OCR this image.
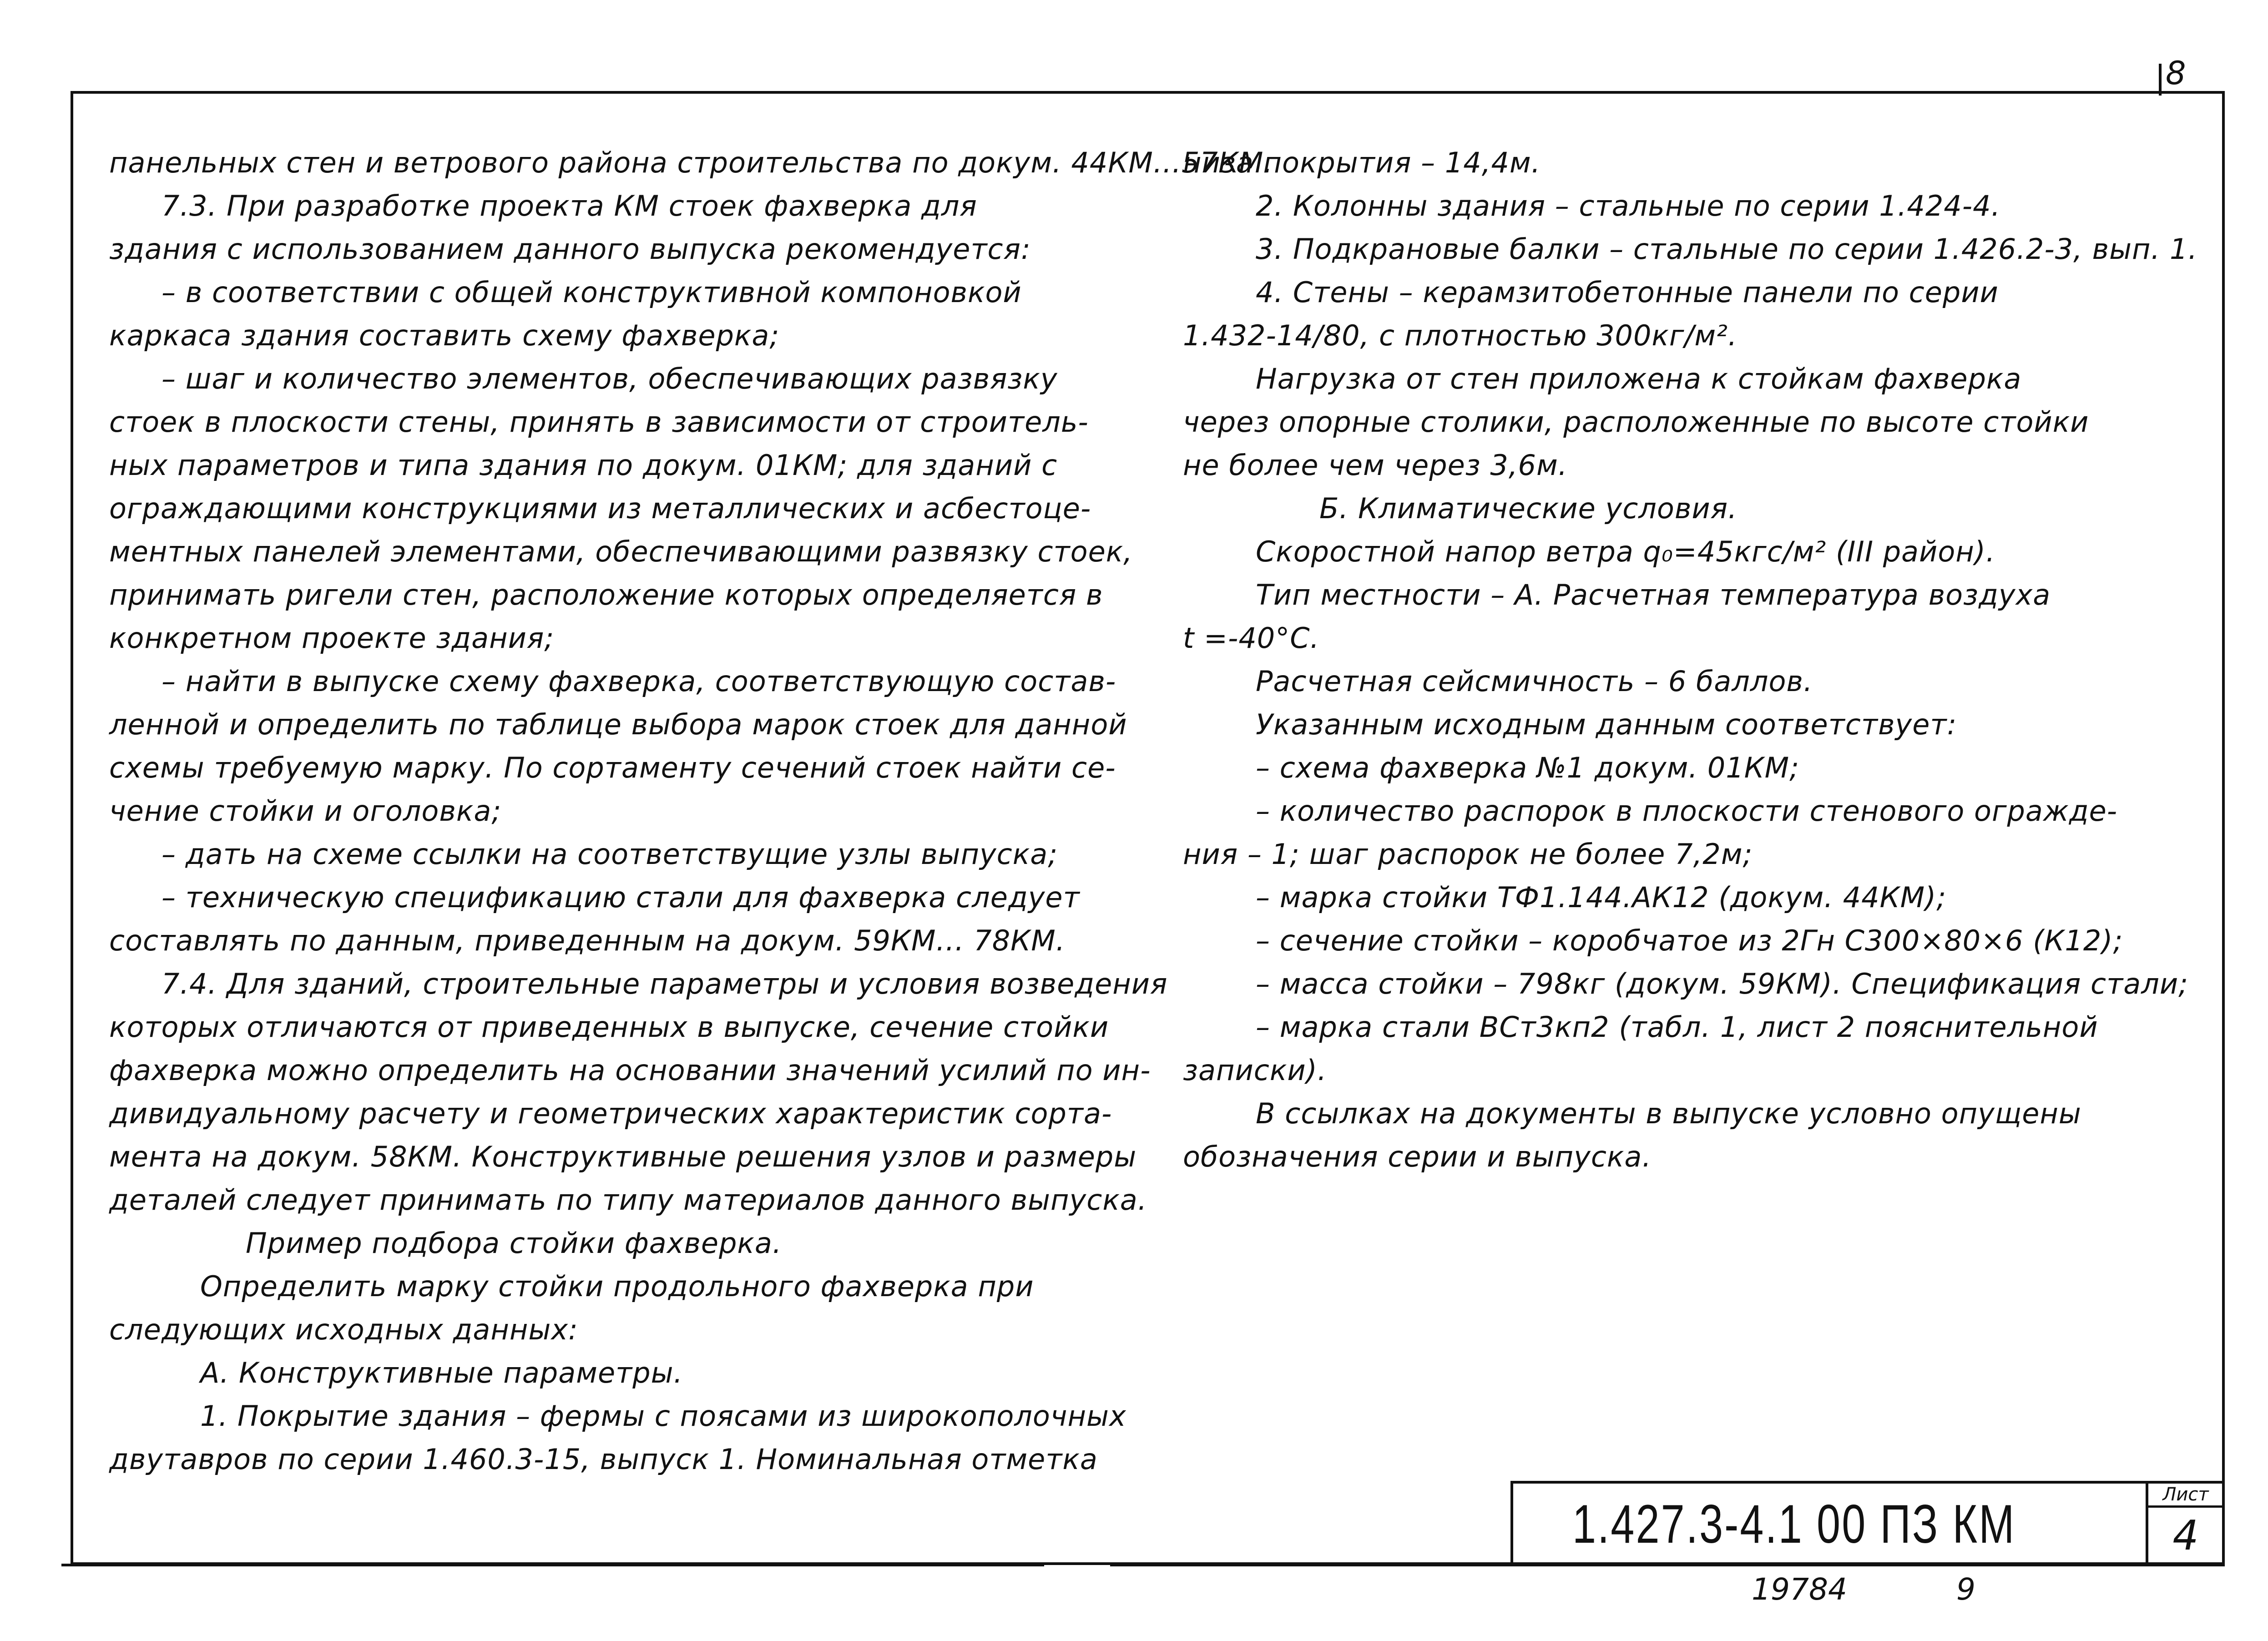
8
панельных стен и ветрового района строительства по докум. 44КМ...57КМ.
7.3. При разработке проекта КМ стоек фахверка для
здания с использованием данного выпуска рекомендуется:
– в соответствии с общей конструктивной компоновкой
каркаса здания составить схему фахверка;
– шаг и количество элементов, обеспечивающих развязку
стоек в плоскости стены, принять в зависимости от строитель-
ных параметров и типа здания по докум. 01КМ; для зданий с
ограждающими конструкциями из металлических и асбестоце-
ментных панелей элементами, обеспечивающими развязку стоек,
принимать ригели стен, расположение которых определяется в
конкретном проекте здания;
– найти в выпуске схему фахверка, соответствующую состав-
ленной и определить по таблице выбора марок стоек для данной
схемы требуемую марку. По сортаменту сечений стоек найти се-
чение стойки и оголовка;
– дать на схеме ссылки на соответствущие узлы выпуска;
– техническую спецификацию стали для фахверка следует
составлять по данным, приведенным на докум. 59КМ... 78КМ.
7.4. Для зданий, строительные параметры и условия возведения
которых отличаются от приведенных в выпуске, сечение стойки
фахверка можно определить на основании значений усилий по ин-
дивидуальному расчету и геометрических характеристик сорта-
мента на докум. 58КМ. Конструктивные решения узлов и размеры
деталей следует принимать по типу материалов данного выпуска.
Пример подбора стойки фахверка.
Определить марку стойки продольного фахверка при
следующих исходных данных:
А. Конструктивные параметры.
1. Покрытие здания – фермы с поясами из широкополочных
двутавров по серии 1.460.3-15, выпуск 1. Номинальная отметка
низа покрытия – 14,4м.
2. Колонны здания – стальные по серии 1.424-4.
3. Подкрановые балки – стальные по серии 1.426.2-3, вып. 1.
4. Стены – керамзитобетонные панели по серии
1.432-14/80, с плотностью 300кг/м².
Нагрузка от стен приложена к стойкам фахверка
через опорные столики, расположенные по высоте стойки
не более чем через 3,6м.
Б. Климатические условия.
Скоростной напор ветра q₀=45кгс/м² (III район).
Тип местности – А. Расчетная температура воздуха
t =-40°С.
Расчетная сейсмичность – 6 баллов.
Указанным исходным данным соответствует:
– схема фахверка №1 докум. 01КМ;
– количество распорок в плоскости стенового огражде-
ния – 1; шаг распорок не более 7,2м;
– марка стойки ТФ1.144.АК12 (докум. 44КМ);
– сечение стойки – коробчатое из 2Гн С300×80×6 (К12);
– масса стойки – 798кг (докум. 59КМ). Спецификация стали;
– марка стали ВСт3кп2 (табл. 1, лист 2 пояснительной
записки).
В ссылках на документы в выпуске условно опущены
обозначения серии и выпуска.
1.427.3-4.1 00 ПЗ КМ	Лист
4
19784	9
